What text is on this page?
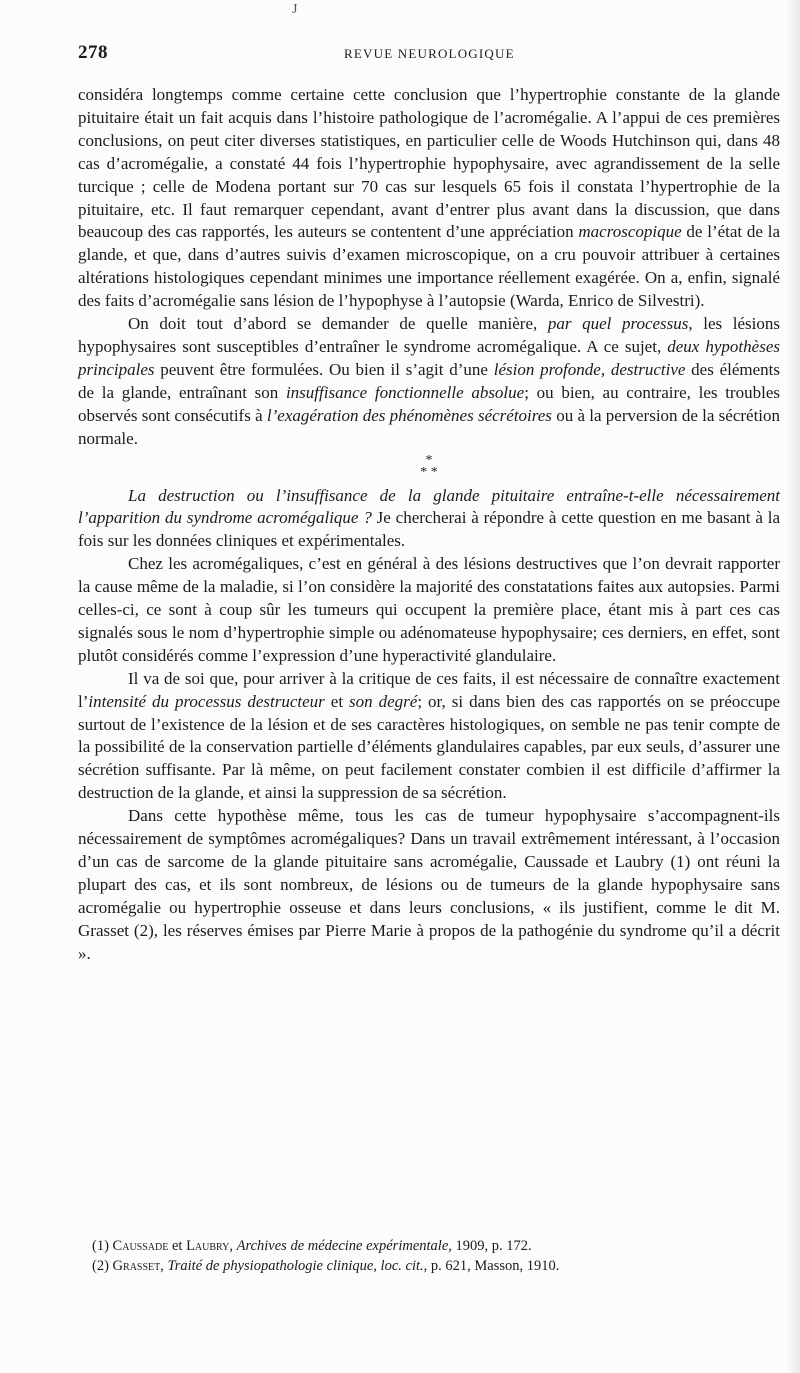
J
278	REVUE NEUROLOGIQUE

considéra longtemps comme certaine cette conclusion que l’hypertrophie constante de la glande pituitaire était un fait acquis dans l’histoire pathologique de l’acromégalie. A l’appui de ces premières conclusions, on peut citer diverses statistiques, en particulier celle de Woods Hutchinson qui, dans 48 cas d’acromégalie, a constaté 44 fois l’hypertrophie hypophysaire, avec agrandissement de la selle turcique ; celle de Modena portant sur 70 cas sur lesquels 65 fois il constata l’hypertrophie de la pituitaire, etc. Il faut remarquer cependant, avant d’entrer plus avant dans la discussion, que dans beaucoup des cas rapportés, les auteurs se contentent d’une appréciation macroscopique de l’état de la glande, et que, dans d’autres suivis d’examen microscopique, on a cru pouvoir attribuer à certaines altérations histologiques cependant minimes une importance réellement exagérée. On a, enfin, signalé des faits d’acromégalie sans lésion de l’hypophyse à l’autopsie (Warda, Enrico de Silvestri).

On doit tout d’abord se demander de quelle manière, par quel processus, les lésions hypophysaires sont susceptibles d’entraîner le syndrome acromégalique. A ce sujet, deux hypothèses principales peuvent être formulées. Ou bien il s’agit d’une lésion profonde, destructive des éléments de la glande, entraînant son insuffisance fonctionnelle absolue; ou bien, au contraire, les troubles observés sont consécutifs à l’exagération des phénomènes sécrétoires ou à la perversion de la sécrétion normale.

*
* *

La destruction ou l’insuffisance de la glande pituitaire entraîne-t-elle nécessairement l’apparition du syndrome acromégalique ? Je chercherai à répondre à cette question en me basant à la fois sur les données cliniques et expérimentales.

Chez les acromégaliques, c’est en général à des lésions destructives que l’on devrait rapporter la cause même de la maladie, si l’on considère la majorité des constatations faites aux autopsies. Parmi celles-ci, ce sont à coup sûr les tumeurs qui occupent la première place, étant mis à part ces cas signalés sous le nom d’hypertrophie simple ou adénomateuse hypophysaire; ces derniers, en effet, sont plutôt considérés comme l’expression d’une hyperactivité glandulaire.

Il va de soi que, pour arriver à la critique de ces faits, il est nécessaire de connaître exactement l’intensité du processus destructeur et son degré; or, si dans bien des cas rapportés on se préoccupe surtout de l’existence de la lésion et de ses caractères histologiques, on semble ne pas tenir compte de la possibilité de la conservation partielle d’éléments glandulaires capables, par eux seuls, d’assurer une sécrétion suffisante. Par là même, on peut facilement constater combien il est difficile d’affirmer la destruction de la glande, et ainsi la suppression de sa sécrétion.

Dans cette hypothèse même, tous les cas de tumeur hypophysaire s’accompagnent-ils nécessairement de symptômes acromégaliques? Dans un travail extrêmement intéressant, à l’occasion d’un cas de sarcome de la glande pituitaire sans acromégalie, Caussade et Laubry (1) ont réuni la plupart des cas, et ils sont nombreux, de lésions ou de tumeurs de la glande hypophysaire sans acromégalie ou hypertrophie osseuse et dans leurs conclusions, « ils justifient, comme le dit M. Grasset (2), les réserves émises par Pierre Marie à propos de la pathogénie du syndrome qu’il a décrit ».

(1) Caussade et Laubry, Archives de médecine expérimentale, 1909, p. 172.

(2) Grasset, Traité de physiopathologie clinique, loc. cit., p. 621, Masson, 1910.
